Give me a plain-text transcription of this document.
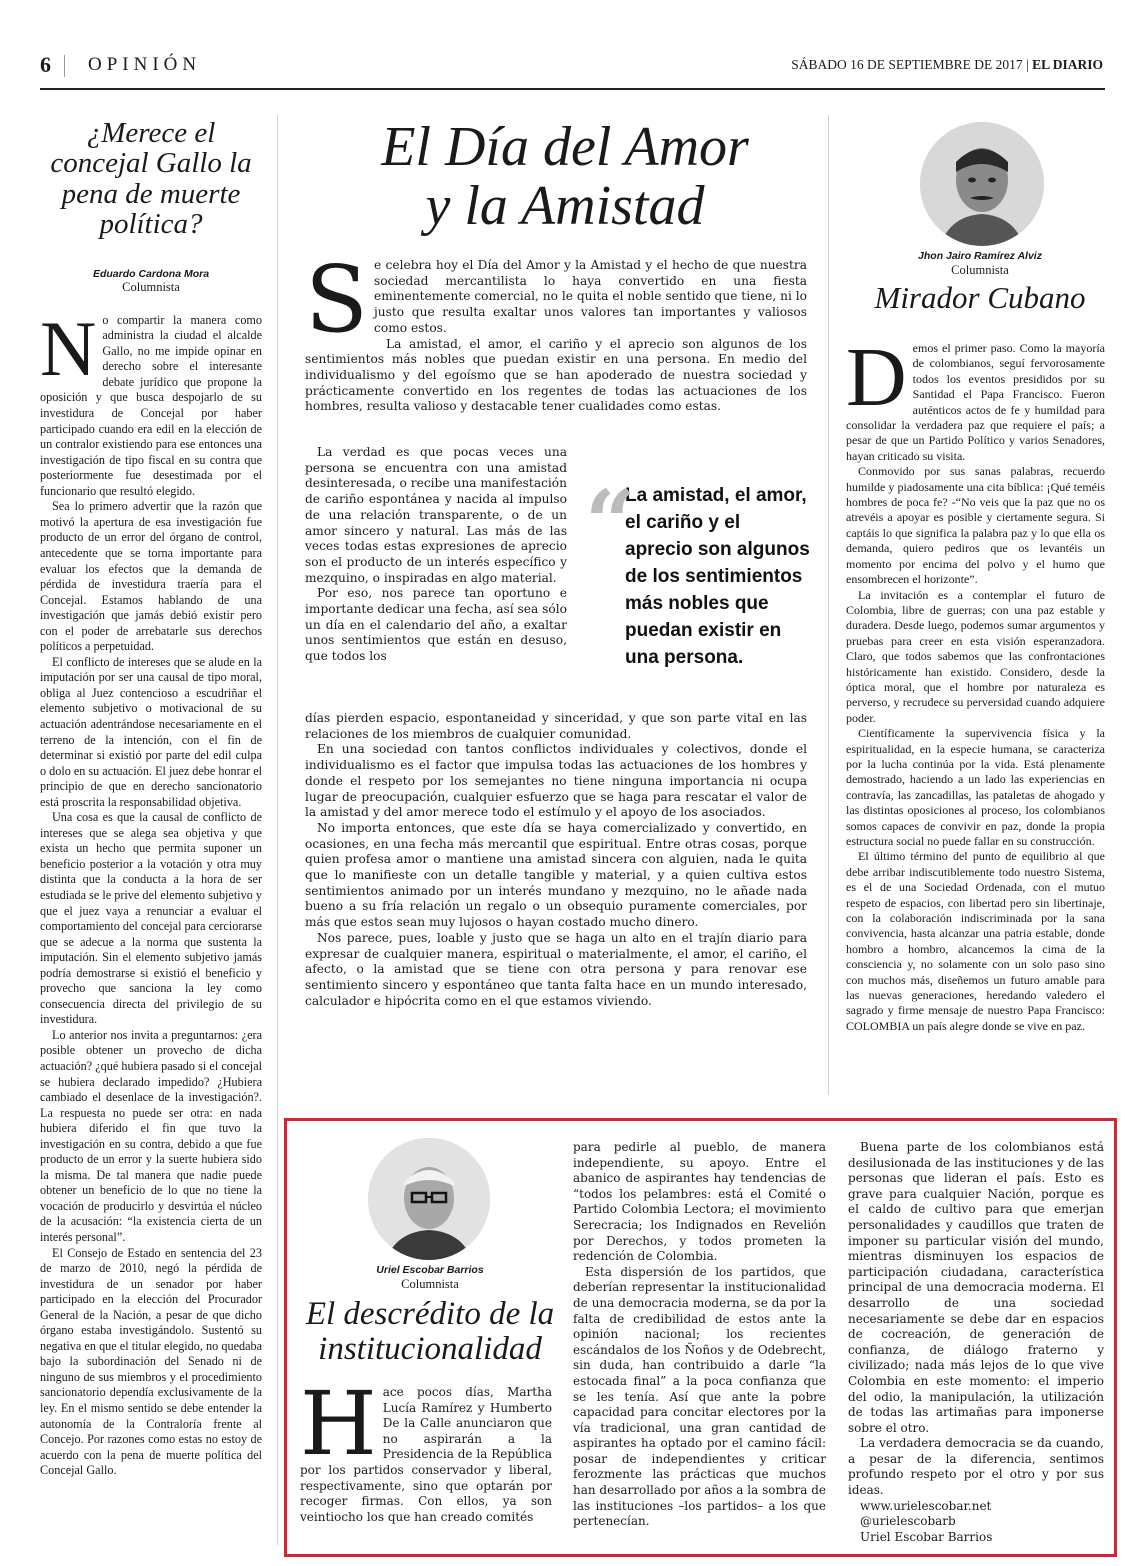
6 OPINIÓN	SÁBADO 16 DE SEPTIEMBRE DE 2017 | EL DIARIO
¿Merece el concejal Gallo la pena de muerte política?
Eduardo Cardona Mora
Columnista

No compartir la manera como administra la ciudad el alcalde Gallo, no me impide opinar en derecho sobre el interesante debate jurídico que propone la oposición y que busca despojarlo de su investidura de Concejal por haber participado cuando era edil en la elección de un contralor existiendo para ese entonces una investigación de tipo fiscal en su contra que posteriormente fue desestimada por el funcionario que resultó elegido.

Sea lo primero advertir que la razón que motivó la apertura de esa investigación fue producto de un error del órgano de control, antecedente que se torna importante para evaluar los efectos que la demanda de pérdida de investidura traería para el Concejal. Estamos hablando de una investigación que jamás debió existir pero con el poder de arrebatarle sus derechos políticos a perpetuidad.

El conflicto de intereses que se alude en la imputación por ser una causal de tipo moral, obliga al Juez contencioso a escudriñar el elemento subjetivo o motivacional de su actuación adentrándose necesariamente en el terreno de la intención, con el fin de determinar si existió por parte del edil culpa o dolo en su actuación. El juez debe honrar el principio de que en derecho sancionatorio está proscrita la responsabilidad objetiva.

Una cosa es que la causal de conflicto de intereses que se alega sea objetiva y que exista un hecho que permita suponer un beneficio posterior a la votación y otra muy distinta que la conducta a la hora de ser estudiada se le prive del elemento subjetivo y que el juez vaya a renunciar a evaluar el comportamiento del concejal para cerciorarse que se adecue a la norma que sustenta la imputación. Sin el elemento subjetivo jamás podría demostrarse si existió el beneficio y provecho que sanciona la ley como consecuencia directa del privilegio de su investidura.

Lo anterior nos invita a preguntarnos: ¿era posible obtener un provecho de dicha actuación? ¿qué hubiera pasado si el concejal se hubiera declarado impedido? ¿Hubiera cambiado el desenlace de la investigación?. La respuesta no puede ser otra: en nada hubiera diferido el fin que tuvo la investigación en su contra, debido a que fue producto de un error y la suerte hubiera sido la misma. De tal manera que nadie puede obtener un beneficio de lo que no tiene la vocación de producirlo y desvirtúa el núcleo de la acusación: “la existencia cierta de un interés personal”.

El Consejo de Estado en sentencia del 23 de marzo de 2010, negó la pérdida de investidura de un senador por haber participado en la elección del Procurador General de la Nación, a pesar de que dicho órgano estaba investigándolo. Sustentó su negativa en que el titular elegido, no quedaba bajo la subordinación del Senado ni de ninguno de sus miembros y el procedimiento sancionatorio dependía exclusivamente de la ley. En el mismo sentido se debe entender la autonomía de la Contraloría frente al Concejo. Por razones como estas no estoy de acuerdo con la pena de muerte política del Concejal Gallo.

El Día del Amor
y la Amistad

Se celebra hoy el Día del Amor y la Amistad y el hecho de que nuestra sociedad mercantilista lo haya convertido en una fiesta eminentemente comercial, no le quita el noble sentido que tiene, ni lo justo que resulta exaltar unos valores tan importantes y valiosos como estos.

La amistad, el amor, el cariño y el aprecio son algunos de los sentimientos más nobles que puedan existir en una persona. En medio del individualismo y del egoísmo que se han apoderado de nuestra sociedad y prácticamente convertido en los regentes de todas las actuaciones de los hombres, resulta valioso y destacable tener cualidades como estas.

La verdad es que pocas veces una persona se encuentra con una amistad desinteresada, o recibe una manifestación de cariño espontánea y nacida al impulso de una relación transparente, o de un amor sincero y natural. Las más de las veces todas estas expresiones de aprecio son el producto de un interés específico y mezquino, o inspiradas en algo material.

Por eso, nos parece tan oportuno e importante dedicar una fecha, así sea sólo un día en el calendario del año, a exaltar unos sentimientos que están en desuso, que todos los

“
La amistad, el amor, el cariño y el aprecio son algunos de los sentimientos más nobles que puedan existir en una persona.

días pierden espacio, espontaneidad y sinceridad, y que son parte vital en las relaciones de los miembros de cualquier comunidad.

En una sociedad con tantos conflictos individuales y colectivos, donde el individualismo es el factor que impulsa todas las actuaciones de los hombres y donde el respeto por los semejantes no tiene ninguna importancia ni ocupa lugar de preocupación, cualquier esfuerzo que se haga para rescatar el valor de la amistad y del amor merece todo el estímulo y el apoyo de los asociados.

No importa entonces, que este día se haya comercializado y convertido, en ocasiones, en una fecha más mercantil que espiritual. Entre otras cosas, porque quien profesa amor o mantiene una amistad sincera con alguien, nada le quita que lo manifieste con un detalle tangible y material, y a quien cultiva estos sentimientos animado por un interés mundano y mezquino, no le añade nada bueno a su fría relación un regalo o un obsequio puramente comerciales, por más que estos sean muy lujosos o hayan costado mucho dinero.

Nos parece, pues, loable y justo que se haga un alto en el trajín diario para expresar de cualquier manera, espiritual o materialmente, el amor, el cariño, el afecto, o la amistad que se tiene con otra persona y para renovar ese sentimiento sincero y espontáneo que tanta falta hace en un mundo interesado, calculador e hipócrita como en el que estamos viviendo.

Jhon Jairo Ramírez Alviz
Columnista
Mirador Cubano

Demos el primer paso. Como la mayoría de colombianos, seguí fervorosamente todos los eventos presididos por su Santidad el Papa Francisco. Fueron auténticos actos de fe y humildad para consolidar la verdadera paz que requiere el país; a pesar de que un Partido Político y varios Senadores, hayan criticado su visita.

Conmovido por sus sanas palabras, recuerdo humilde y piadosamente una cita bíblica: ¡Qué teméis hombres de poca fe? -“No veis que la paz que no os atrevéis a apoyar es posible y ciertamente segura. Si captáis lo que significa la palabra paz y lo que ella os demanda, quiero pediros que os levantéis un momento por encima del polvo y el humo que ensombrecen el horizonte”.

La invitación es a contemplar el futuro de Colombia, libre de guerras; con una paz estable y duradera. Desde luego, podemos sumar argumentos y pruebas para creer en esta visión esperanzadora. Claro, que todos sabemos que las confrontaciones históricamente han existido. Considero, desde la óptica moral, que el hombre por naturaleza es perverso, y recrudece su perversidad cuando adquiere poder.

Científicamente la supervivencia física y la espiritualidad, en la especie humana, se caracteriza por la lucha continúa por la vida. Está plenamente demostrado, haciendo a un lado las experiencias en contravía, las zancadillas, las pataletas de ahogado y las distintas oposiciones al proceso, los colombianos somos capaces de convivir en paz, donde la propia estructura social no puede fallar en su construcción.

El último término del punto de equilibrio al que debe arribar indiscutiblemente todo nuestro Sistema, es el de una Sociedad Ordenada, con el mutuo respeto de espacios, con libertad pero sin libertinaje, con la colaboración indiscriminada por la sana convivencia, hasta alcanzar una patria estable, donde hombro a hombro, alcancemos la cima de la consciencia y, no solamente con un solo paso sino con muchos más, diseñemos un futuro amable para las nuevas generaciones, heredando valedero el sagrado y firme mensaje de nuestro Papa Francisco: COLOMBIA un país alegre donde se vive en paz.

Uriel Escobar Barrios
Columnista
El descrédito de la
institucionalidad

Hace pocos días, Martha Lucía Ramírez y Humberto De la Calle anunciaron que no aspirarán a la Presidencia de la República por los partidos conservador y liberal, respectivamente, sino que optarán por recoger firmas. Con ellos, ya son veintiocho los que han creado comités

para pedirle al pueblo, de manera independiente, su apoyo. Entre el abanico de aspirantes hay tendencias de “todos los pelambres: está el Comité o Partido Colombia Lectora; el movimiento Serecracia; los Indignados en Revelión por Derechos, y todos prometen la redención de Colombia.

Esta dispersión de los partidos, que deberían representar la institucionalidad de una democracia moderna, se da por la falta de credibilidad de estos ante la opinión nacional; los recientes escándalos de los Ñoños y de Odebrecht, sin duda, han contribuido a darle “la estocada final” a la poca confianza que se les tenía. Así que ante la pobre capacidad para concitar electores por la vía tradicional, una gran cantidad de aspirantes ha optado por el camino fácil: posar de independientes y criticar ferozmente las prácticas que muchos han desarrollado por años a la sombra de las instituciones –los partidos– a los que pertenecían.

Buena parte de los colombianos está desilusionada de las instituciones y de las personas que lideran el país. Esto es grave para cualquier Nación, porque es el caldo de cultivo para que emerjan personalidades y caudillos que traten de imponer su particular visión del mundo, mientras disminuyen los espacios de participación ciudadana, característica principal de una democracia moderna. El desarrollo de una sociedad necesariamente se debe dar en espacios de cocreación, de generación de confianza, de diálogo fraterno y civilizado; nada más lejos de lo que vive Colombia en este momento: el imperio del odio, la manipulación, la utilización de todas las artimañas para imponerse sobre el otro.

La verdadera democracia se da cuando, a pesar de la diferencia, sentimos profundo respeto por el otro y por sus ideas.

www.urielescobar.net

@urielescobarb

Uriel Escobar Barrios
